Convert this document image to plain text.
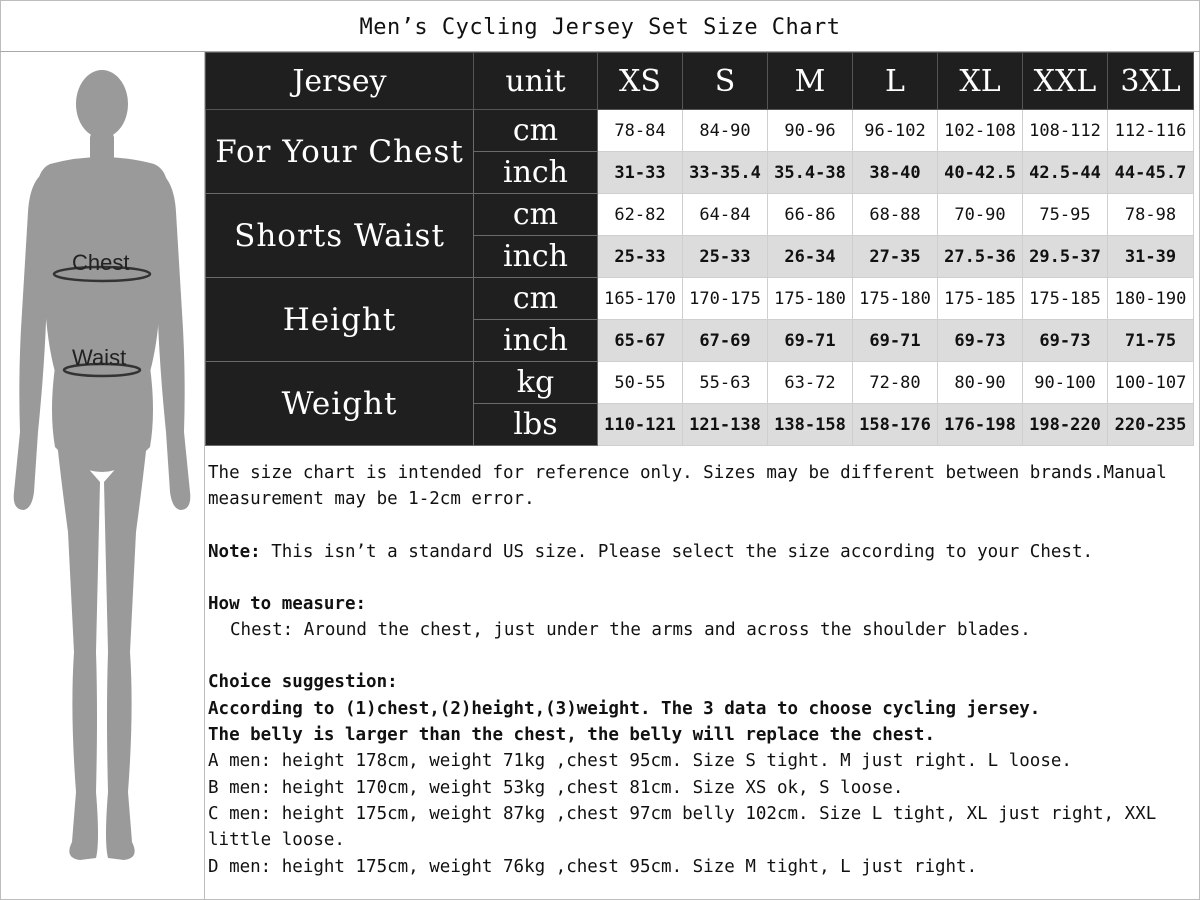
Men’s Cycling Jersey Set Size Chart
Chest
Waist
Jersey	unit	XS	S	M	L	XL	XXL	3XL
For Your Chest	cm	78-84	84-90	90-96	96-102	102-108	108-112	112-116
	inch	31-33	33-35.4	35.4-38	38-40	40-42.5	42.5-44	44-45.7
Shorts Waist	cm	62-82	64-84	66-86	68-88	70-90	75-95	78-98
	inch	25-33	25-33	26-34	27-35	27.5-36	29.5-37	31-39
Height	cm	165-170	170-175	175-180	175-180	175-185	175-185	180-190
	inch	65-67	67-69	69-71	69-71	69-73	69-73	71-75
Weight	kg	50-55	55-63	63-72	72-80	80-90	90-100	100-107
	lbs	110-121	121-138	138-158	158-176	176-198	198-220	220-235

The size chart is intended for reference only. Sizes may be different between brands.Manual measurement may be 1-2cm error.

Note: This isn’t a standard US size. Please select the size according to your Chest.

How to measure:

Chest: Around the chest, just under the arms and across the shoulder blades.

Choice suggestion:

According to (1)chest,(2)height,(3)weight. The 3 data to choose cycling jersey.

The belly is larger than the chest, the belly will replace the chest.

A men: height 178cm, weight 71kg ,chest 95cm. Size S tight. M just right. L loose.

B men: height 170cm, weight 53kg ,chest 81cm. Size XS ok, S loose.

C men: height 175cm, weight 87kg ,chest 97cm belly 102cm. Size L tight, XL just right, XXL little loose.

D men: height 175cm, weight 76kg ,chest 95cm. Size M tight, L just right.
